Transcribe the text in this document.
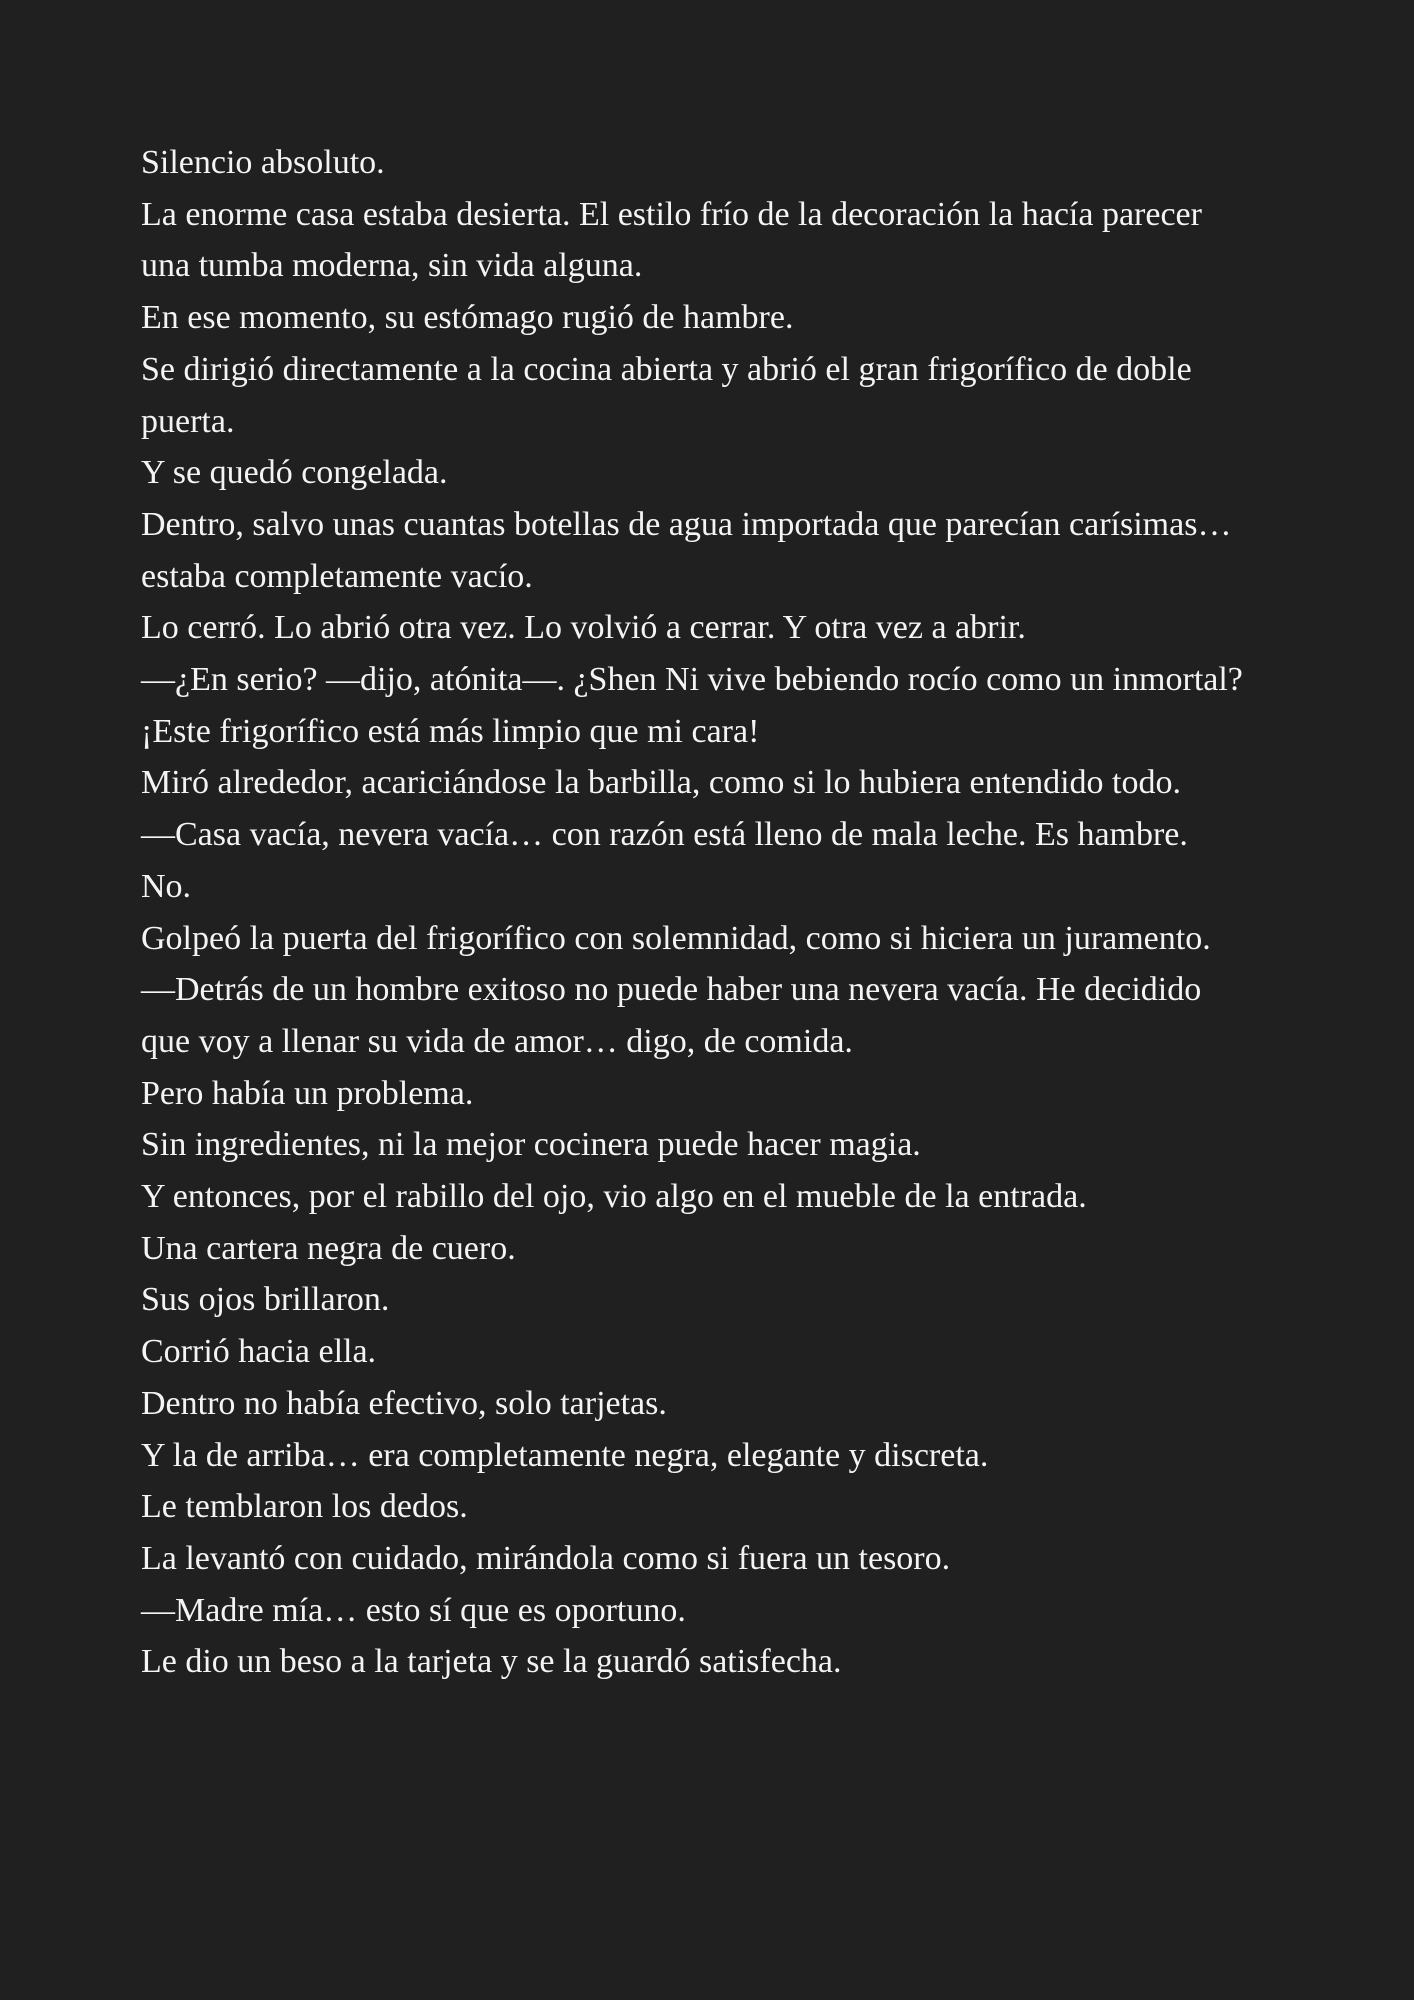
Silencio absoluto.

La enorme casa estaba desierta. El estilo frío de la decoración la hacía parecer una tumba moderna, sin vida alguna.

En ese momento, su estómago rugió de hambre.

Se dirigió directamente a la cocina abierta y abrió el gran frigorífico de doble puerta.

Y se quedó congelada.

Dentro, salvo unas cuantas botellas de agua importada que parecían carísimas… estaba completamente vacío.

Lo cerró. Lo abrió otra vez. Lo volvió a cerrar. Y otra vez a abrir.

—¿En serio? —dijo, atónita—. ¿Shen Ni vive bebiendo rocío como un inmortal? ¡Este frigorífico está más limpio que mi cara!

Miró alrededor, acariciándose la barbilla, como si lo hubiera entendido todo.

—Casa vacía, nevera vacía… con razón está lleno de mala leche. Es hambre.

No.

Golpeó la puerta del frigorífico con solemnidad, como si hiciera un juramento.

—Detrás de un hombre exitoso no puede haber una nevera vacía. He decidido que voy a llenar su vida de amor… digo, de comida.

Pero había un problema.

Sin ingredientes, ni la mejor cocinera puede hacer magia.

Y entonces, por el rabillo del ojo, vio algo en el mueble de la entrada.

Una cartera negra de cuero.

Sus ojos brillaron.

Corrió hacia ella.

Dentro no había efectivo, solo tarjetas.

Y la de arriba… era completamente negra, elegante y discreta.

Le temblaron los dedos.

La levantó con cuidado, mirándola como si fuera un tesoro.

—Madre mía… esto sí que es oportuno.

Le dio un beso a la tarjeta y se la guardó satisfecha.
